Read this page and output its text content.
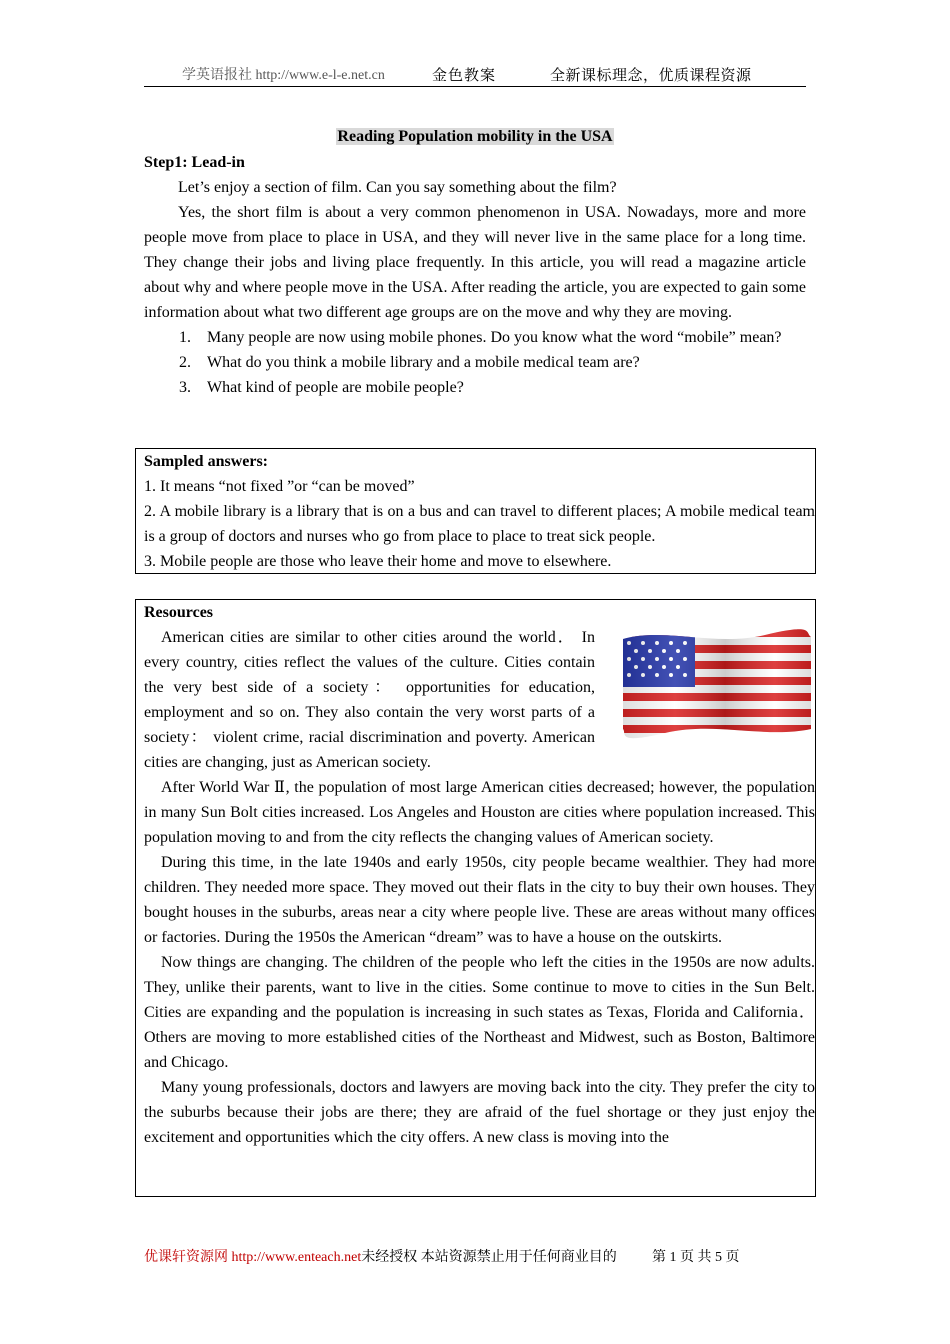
学英语报社 http://www.e-l-e.net.cn	金色教案	全新课标理念，优质课程资源
Reading Population mobility in the USA

Step1: Lead-in

Let’s enjoy a section of film. Can you say something about the film?

Yes, the short film is about a very common phenomenon in USA. Nowadays, more and more people move from place to place in USA, and they will never live in the same place for a long time. They change their jobs and living place frequently. In this article, you will read a magazine article about why and where people move in the USA. After reading the article, you are expected to gain some information about what two different age groups are on the move and why they are moving.

1. Many people are now using mobile phones. Do you know what the word “mobile” mean?
2. What do you think a mobile library and a mobile medical team are?
3. What kind of people are mobile people?

Sampled answers:

1. It means “not fixed ”or “can be moved”

2. A mobile library is a library that is on a bus and can travel to different places; A mobile medical team is a group of doctors and nurses who go from place to place to treat sick people.

3. Mobile people are those who leave their home and move to elsewhere.

Resources

American cities are similar to other cities around the world． In every country, cities reflect the values of the culture. Cities contain the very best side of a society： opportunities for education, employment and so on. They also contain the very worst parts of a society： violent crime, racial discrimination and poverty. American cities are changing, just as American society.

After World War Ⅱ, the population of most large American cities decreased; however, the population in many Sun Bolt cities increased. Los Angeles and Houston are cities where population increased. This population moving to and from the city reflects the changing values of American society.

During this time, in the late 1940s and early 1950s, city people became wealthier. They had more children. They needed more space. They moved out their flats in the city to buy their own houses. They bought houses in the suburbs, areas near a city where people live. These are areas without many offices or factories. During the 1950s the American “dream” was to have a house on the outskirts.

Now things are changing. The children of the people who left the cities in the 1950s are now adults. They, unlike their parents, want to live in the cities. Some continue to move to cities in the Sun Belt. Cities are expanding and the population is increasing in such states as Texas, Florida and California． Others are moving to more established cities of the Northeast and Midwest, such as Boston, Baltimore and Chicago.

Many young professionals, doctors and lawyers are moving back into the city. They prefer the city to the suburbs because their jobs are there; they are afraid of the fuel shortage or they just enjoy the excitement and opportunities which the city offers. A new class is moving into the

优课轩资源网 http://www.enteach.net未经授权 本站资源禁止用于任何商业目的	第 1 页 共 5 页
